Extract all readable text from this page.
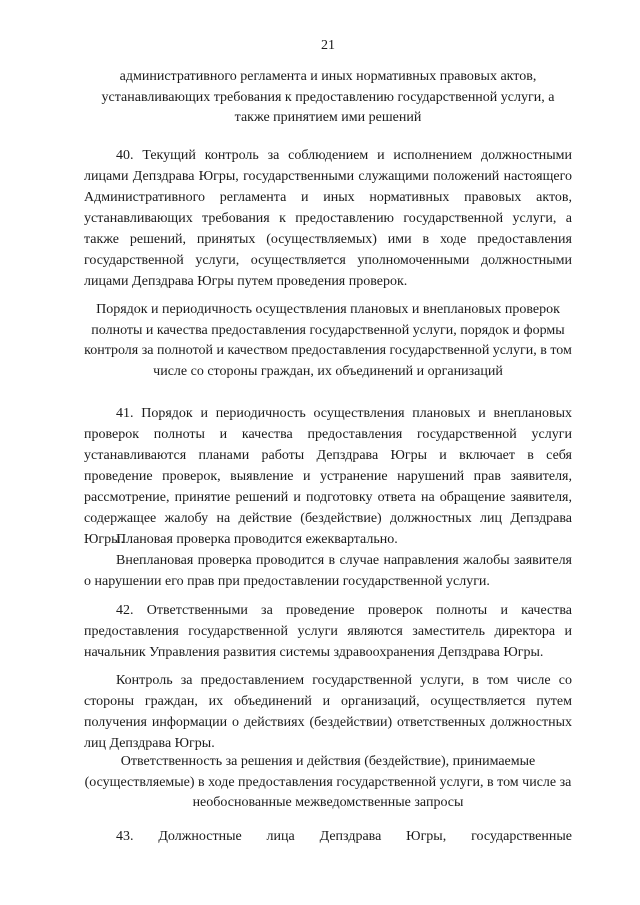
21
административного регламента и иных нормативных правовых актов, устанавливающих требования к предоставлению государственной услуги, а также принятием ими решений
40. Текущий контроль за соблюдением и исполнением должностными лицами Депздрава Югры, государственными служащими положений настоящего Административного регламента и иных нормативных правовых актов, устанавливающих требования к предоставлению государственной услуги, а также решений, принятых (осуществляемых) ими в ходе предоставления государственной услуги, осуществляется уполномоченными должностными лицами Депздрава Югры путем проведения проверок.
Порядок и периодичность осуществления плановых и внеплановых проверок полноты и качества предоставления государственной услуги, порядок и формы контроля за полнотой и качеством предоставления государственной услуги, в том числе со стороны граждан, их объединений и организаций
41. Порядок и периодичность осуществления плановых и внеплановых проверок полноты и качества предоставления государственной услуги устанавливаются планами работы Депздрава Югры и включает в себя проведение проверок, выявление и устранение нарушений прав заявителя, рассмотрение, принятие решений и подготовку ответа на обращение заявителя, содержащее жалобу на действие (бездействие) должностных лиц Депздрава Югры.
Плановая проверка проводится ежеквартально.
Внеплановая проверка проводится в случае направления жалобы заявителя о нарушении его прав при предоставлении государственной услуги.
42. Ответственными за проведение проверок полноты и качества предоставления государственной услуги являются заместитель директора и начальник Управления развития системы здравоохранения Депздрава Югры.
Контроль за предоставлением государственной услуги, в том числе со стороны граждан, их объединений и организаций, осуществляется путем получения информации о действиях (бездействии) ответственных должностных лиц Депздрава Югры.
Ответственность за решения и действия (бездействие), принимаемые (осуществляемые) в ходе предоставления государственной услуги, в том числе за необоснованные межведомственные запросы
43. Должностные лица Депздрава Югры, государственные
